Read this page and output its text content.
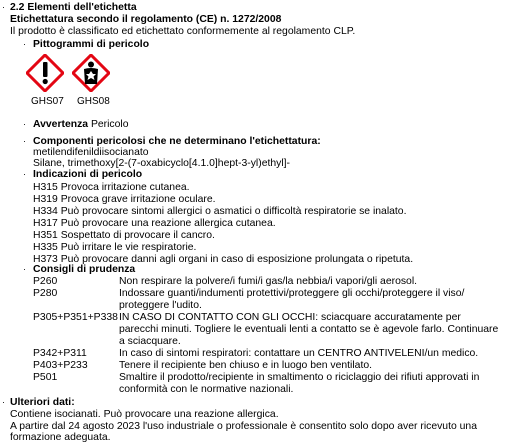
· 2.2 Elementi dell'etichetta
Etichettatura secondo il regolamento (CE) n. 1272/2008
Il prodotto è classificato ed etichettato conformemente al regolamento CLP.
· Pittogrammi di pericolo
GHS07 GHS08
· Avvertenza Pericolo
· Componenti pericolosi che ne determinano l'etichettatura:
metilendifenildiisocianato
Silane, trimethoxy[2-(7-oxabicyclo[4.1.0]hept-3-yl)ethyl]-
· Indicazioni di pericolo
H315 Provoca irritazione cutanea.
H319 Provoca grave irritazione oculare.
H334 Può provocare sintomi allergici o asmatici o difficoltà respiratorie se inalato.
H317 Può provocare una reazione allergica cutanea.
H351 Sospettato di provocare il cancro.
H335 Può irritare le vie respiratorie.
H373 Può provocare danni agli organi in caso di esposizione prolungata o ripetuta.
· Consigli di prudenza
P260	Non respirare la polvere/i fumi/i gas/la nebbia/i vapori/gli aerosol.
P280	Indossare guanti/indumenti protettivi/proteggere gli occhi/proteggere il viso/
proteggere l'udito.
P305+P351+P338 IN CASO DI CONTATTO CON GLI OCCHI: sciacquare accuratamente per
parecchi minuti. Togliere le eventuali lenti a contatto se è agevole farlo. Continuare
a sciacquare.
P342+P311	In caso di sintomi respiratori: contattare un CENTRO ANTIVELENI/un medico.
P403+P233	Tenere il recipiente ben chiuso e in luogo ben ventilato.
P501	Smaltire il prodotto/recipiente in smaltimento o riciclaggio dei rifiuti approvati in
conformità con le normative nazionali.
· Ulteriori dati:
Contiene isocianati. Può provocare una reazione allergica.
A partire dal 24 agosto 2023 l'uso industriale o professionale è consentito solo dopo aver ricevuto una
formazione adeguata.
